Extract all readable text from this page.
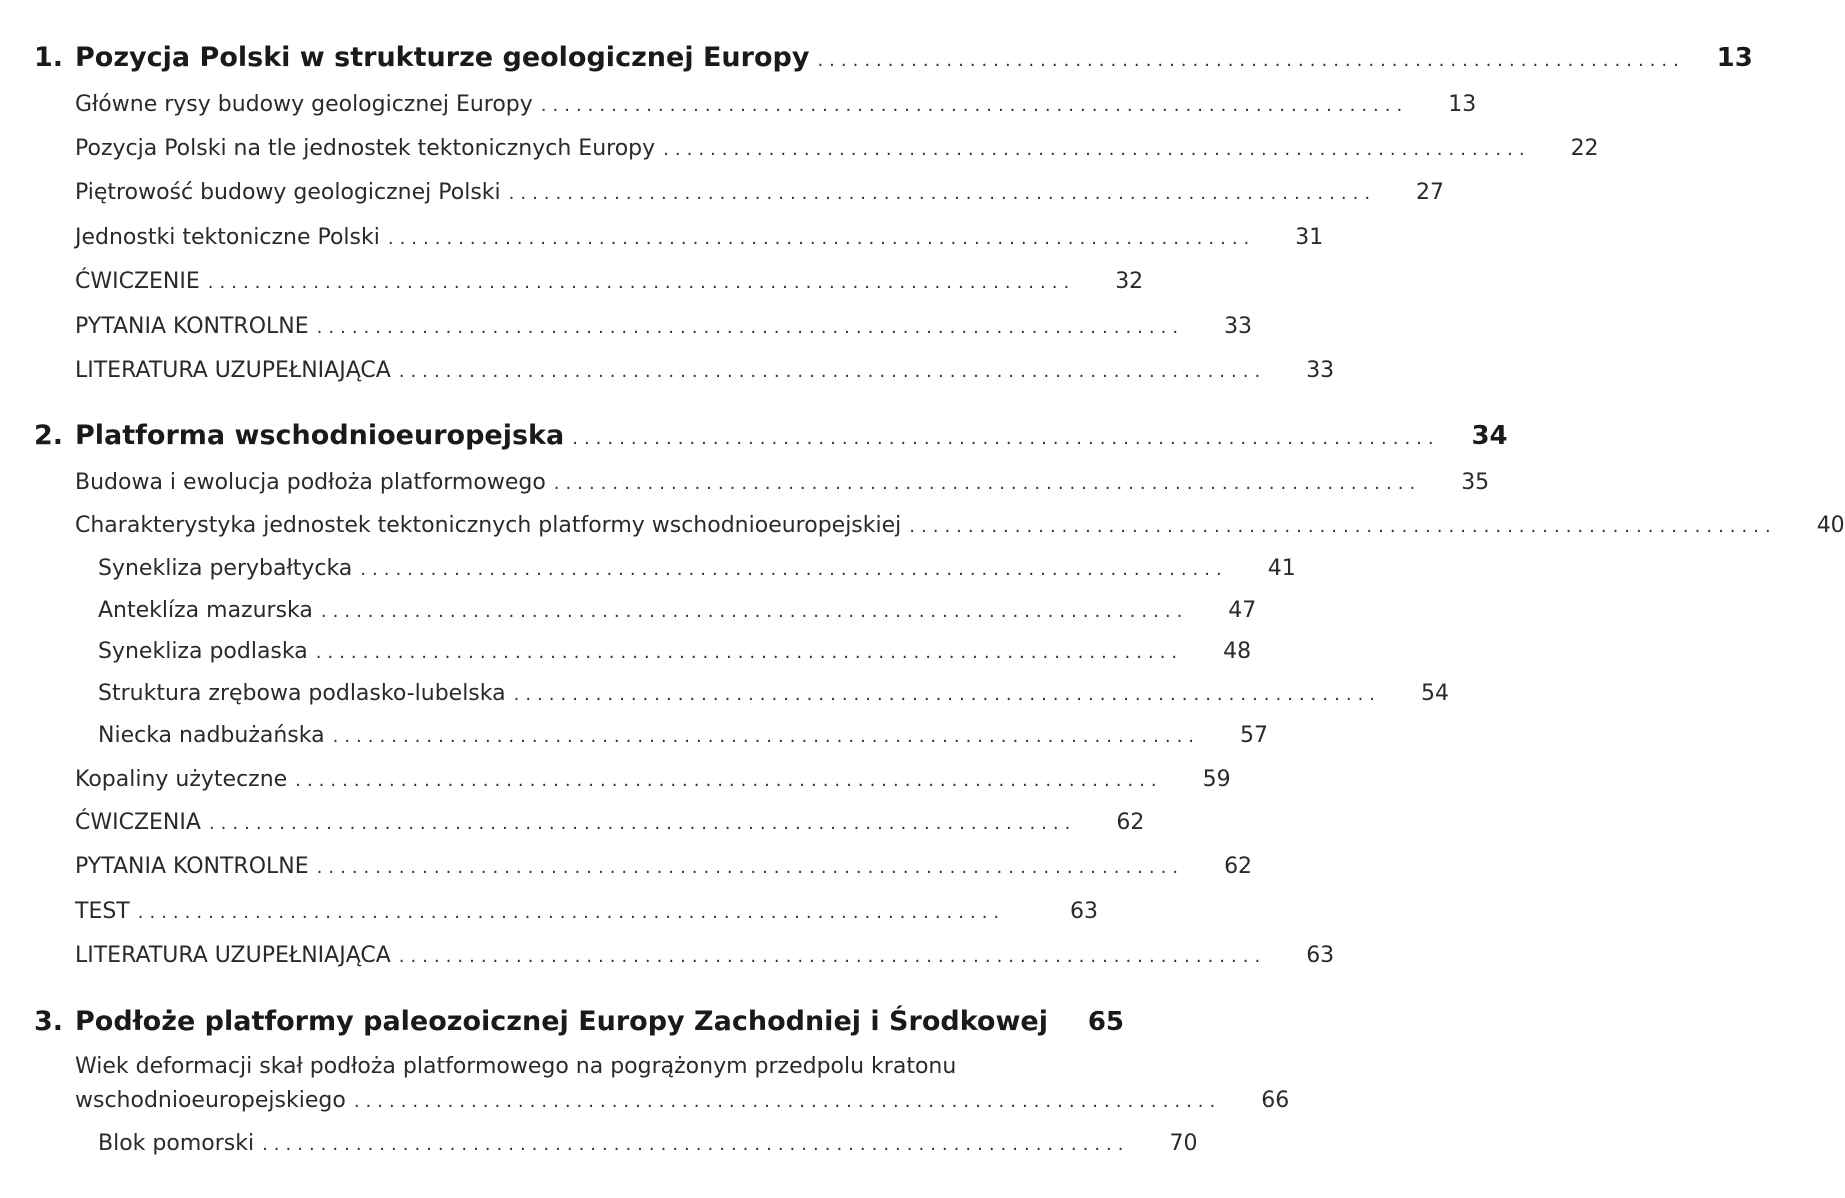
1. Pozycja Polski w strukturze geologicznej Europy ..........................................................................	13
Główne rysy budowy geologicznej Europy ..........................................................................	13
Pozycja Polski na tle jednostek tektonicznych Europy ..........................................................................	22
Piętrowość budowy geologicznej Polski ..........................................................................	27
Jednostki tektoniczne Polski ..........................................................................	31
ĆWICZENIE ..........................................................................	32
PYTANIA KONTROLNE ..........................................................................	33
LITERATURA UZUPEŁNIAJĄCA ..........................................................................	33
2. Platforma wschodnioeuropejska ..........................................................................	34
Budowa i ewolucja podłoża platformowego ..........................................................................	35
Charakterystyka jednostek tektonicznych platformy wschodnioeuropejskiej ..........................................................................	40
Synekliza perybałtycka ..........................................................................	41
Anteklíza mazurska ..........................................................................	47
Synekliza podlaska ..........................................................................	48
Struktura zrębowa podlasko-lubelska ..........................................................................	54
Niecka nadbużańska ..........................................................................	57
Kopaliny użyteczne ..........................................................................	59
ĆWICZENIA ..........................................................................	62
PYTANIA KONTROLNE ..........................................................................	62
TEST ..........................................................................	63
LITERATURA UZUPEŁNIAJĄCA ..........................................................................	63
3. Podłoże platformy paleozoicznej Europy Zachodniej i Środkowej	65
Wiek deformacji skał podłoża platformowego na pogrążonym przedpolu kratonu
wschodnioeuropejskiego ..........................................................................	66
Blok pomorski ..........................................................................	70
